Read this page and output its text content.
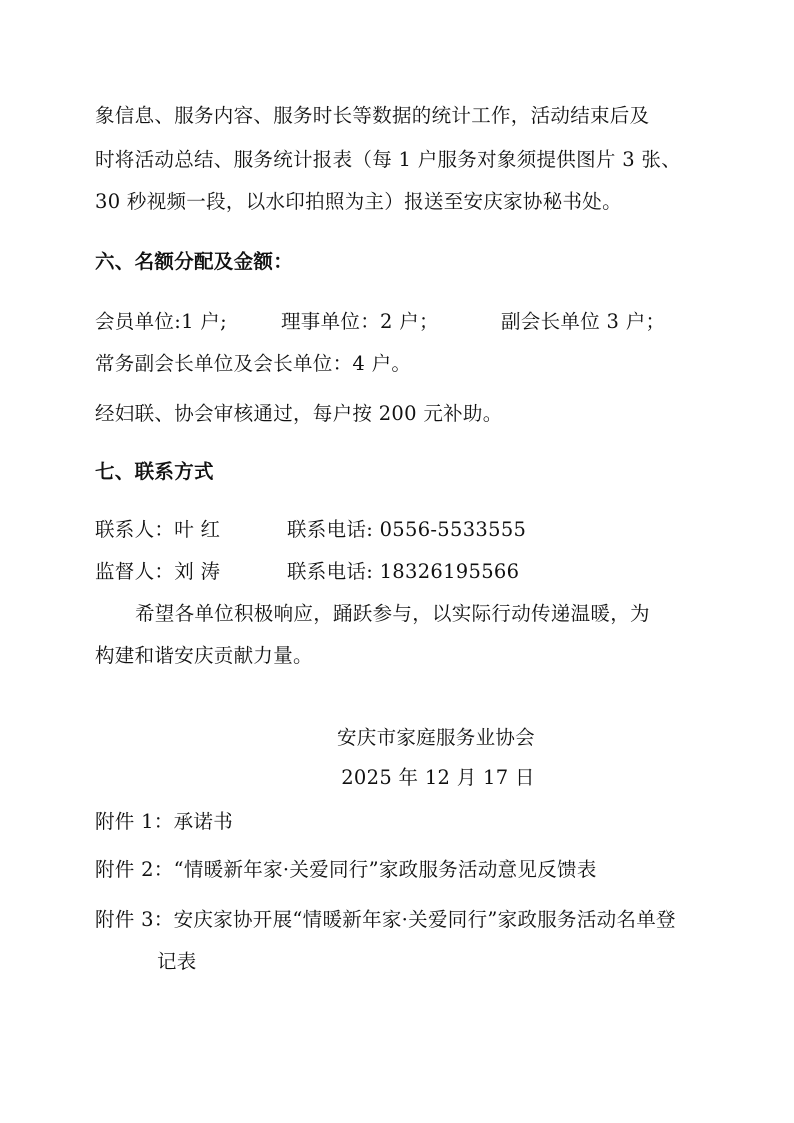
象信息、服务内容、服务时长等数据的统计工作，活动结束后及
时将活动总结、服务统计报表（每 1 户服务对象须提供图片 3 张、
30 秒视频一段，以水印拍照为主）报送至安庆家协秘书处。
六、名额分配及金额：
会员单位:1 户;	理事单位：2 户；	副会长单位 3 户；
常务副会长单位及会长单位：4 户。
经妇联、协会审核通过，每户按 200 元补助。
七、联系方式
联系人：叶 红	联系电话: 0556-5533555
监督人：刘 涛	联系电话: 18326195566
希望各单位积极响应，踊跃参与，以实际行动传递温暖，为
构建和谐安庆贡献力量。
安庆市家庭服务业协会
2025 年 12 月 17 日
附件 1：承诺书
附件 2：“情暖新年家·关爱同行”家政服务活动意见反馈表
附件 3：安庆家协开展“情暖新年家·关爱同行”家政服务活动名单登
记表
